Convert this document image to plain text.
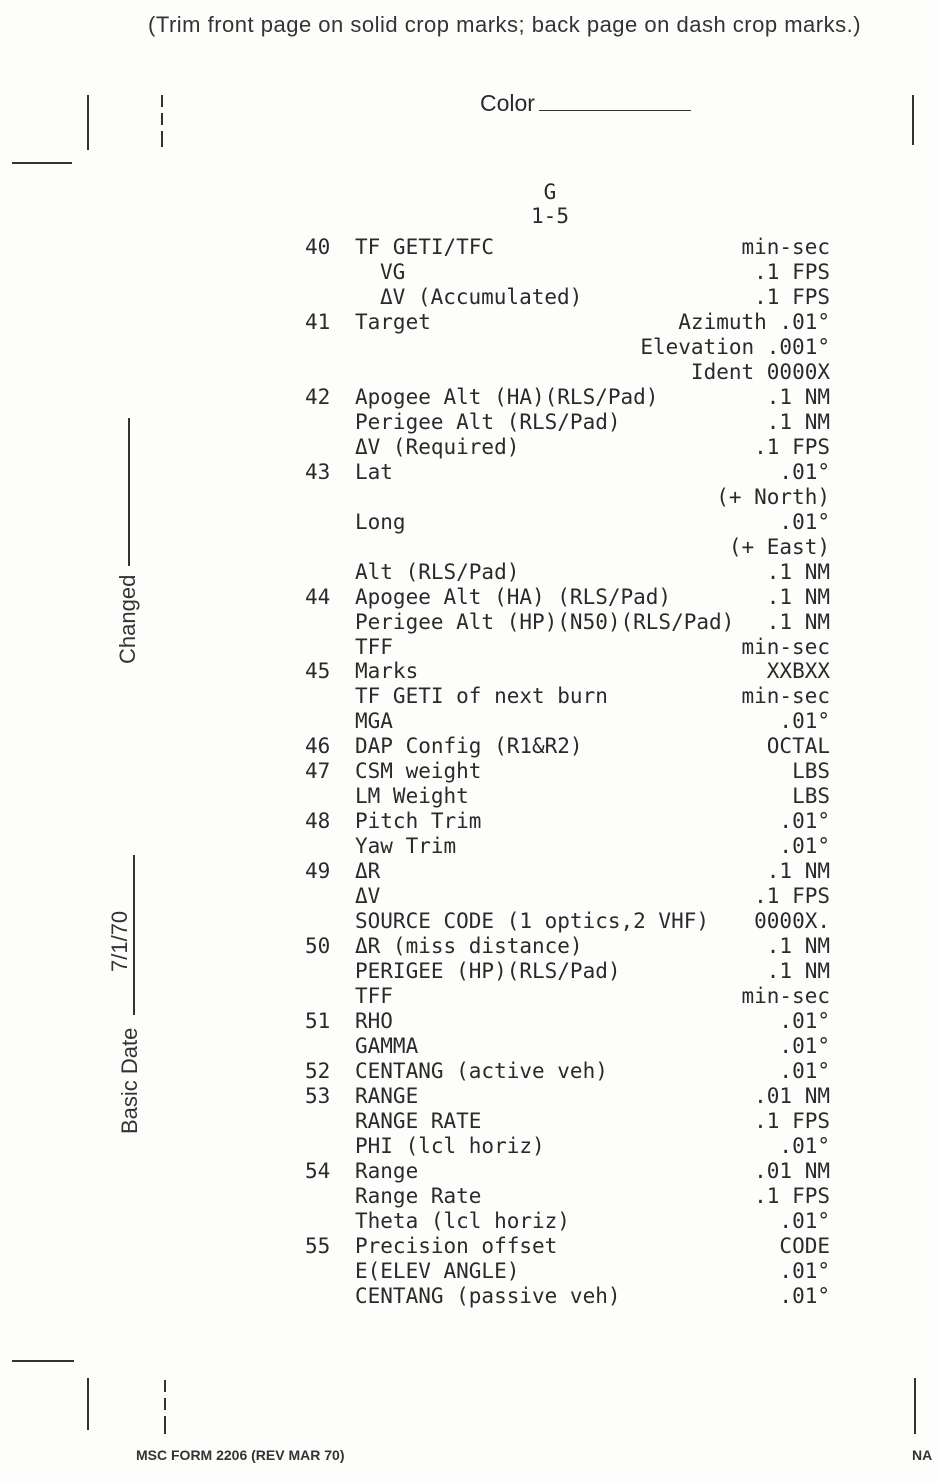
(Trim front page on solid crop marks; back page on dash crop marks.)
Color
Changed
Basic Date
7/1/70
G
1-5
40 TF GETI/TFC	min-sec
VG	.1 FPS
ΔV (Accumulated)	.1 FPS
41 Target	Azimuth .01°
Elevation .001°
Ident 0000X
42 Apogee Alt (HA)(RLS/Pad)	.1 NM
Perigee Alt (RLS/Pad)	.1 NM
ΔV (Required)	.1 FPS
43 Lat	.01°
(+ North)
Long	.01°
(+ East)
Alt (RLS/Pad)	.1 NM
44 Apogee Alt (HA) (RLS/Pad)	.1 NM
Perigee Alt (HP)(N50)(RLS/Pad) .1 NM
TFF	min-sec
45 Marks	XXBXX
TF GETI of next burn	min-sec
MGA	.01°
46 DAP Config (R1&R2)	OCTAL
47 CSM weight	LBS
LM Weight	LBS
48 Pitch Trim	.01°
Yaw Trim	.01°
49 ΔR	.1 NM
ΔV	.1 FPS
SOURCE CODE (1 optics,2 VHF) 0000X.
50 ΔR (miss distance)	.1 NM
PERIGEE (HP)(RLS/Pad)	.1 NM
TFF	min-sec
51 RHO	.01°
GAMMA	.01°
52 CENTANG (active veh)	.01°
53 RANGE	.01 NM
RANGE RATE	.1 FPS
PHI (lcl horiz)	.01°
54 Range	.01 NM
Range Rate	.1 FPS
Theta (lcl horiz)	.01°
55 Precision offset	CODE
E(ELEV ANGLE)	.01°
CENTANG (passive veh)	.01°
MSC FORM 2206 (REV MAR 70)	NA
